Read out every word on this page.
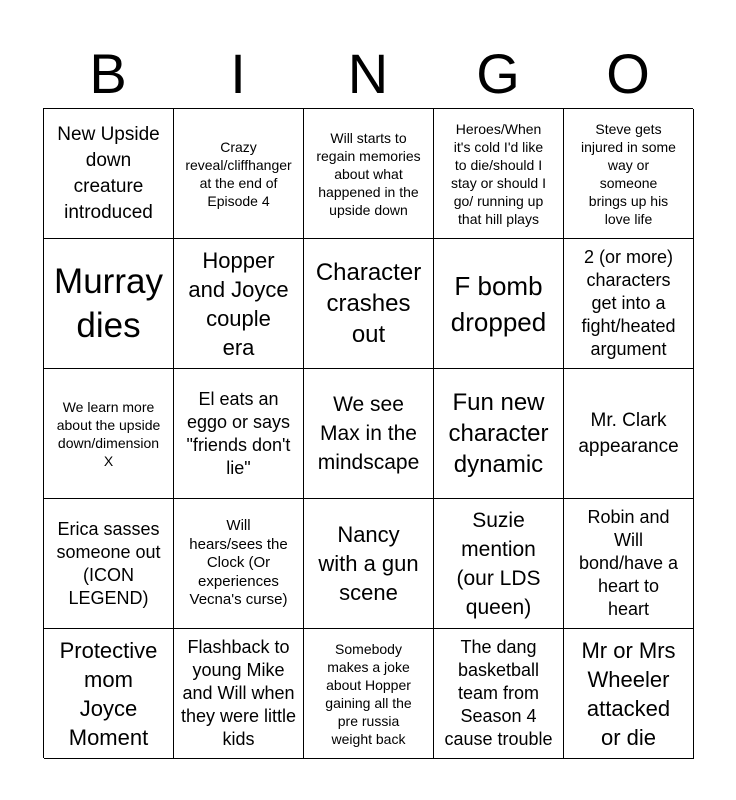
B	I	N	G	O
New Upside
down
creature
introduced
Crazy
reveal/cliffhanger
at the end of
Episode 4
Will starts to
regain memories
about what
happened in the
upside down
Heroes/When
it's cold I'd like
to die/should I
stay or should I
go/ running up
that hill plays
Steve gets
injured in some
way or
someone
brings up his
love life
Murray
dies
Hopper
and Joyce
couple
era
Character
crashes
out
F bomb
dropped
2 (or more)
characters
get into a
fight/heated
argument
We learn more
about the upside
down/dimension
X
El eats an
eggo or says
"friends don't
lie"
We see
Max in the
mindscape
Fun new
character
dynamic
Mr. Clark
appearance
Erica sasses
someone out
(ICON
LEGEND)
Will
hears/sees the
Clock (Or
experiences
Vecna's curse)
Nancy
with a gun
scene
Suzie
mention
(our LDS
queen)
Robin and
Will
bond/have a
heart to
heart
Protective
mom
Joyce
Moment
Flashback to
young Mike
and Will when
they were little
kids
Somebody
makes a joke
about Hopper
gaining all the
pre russia
weight back
The dang
basketball
team from
Season 4
cause trouble
Mr or Mrs
Wheeler
attacked
or die
